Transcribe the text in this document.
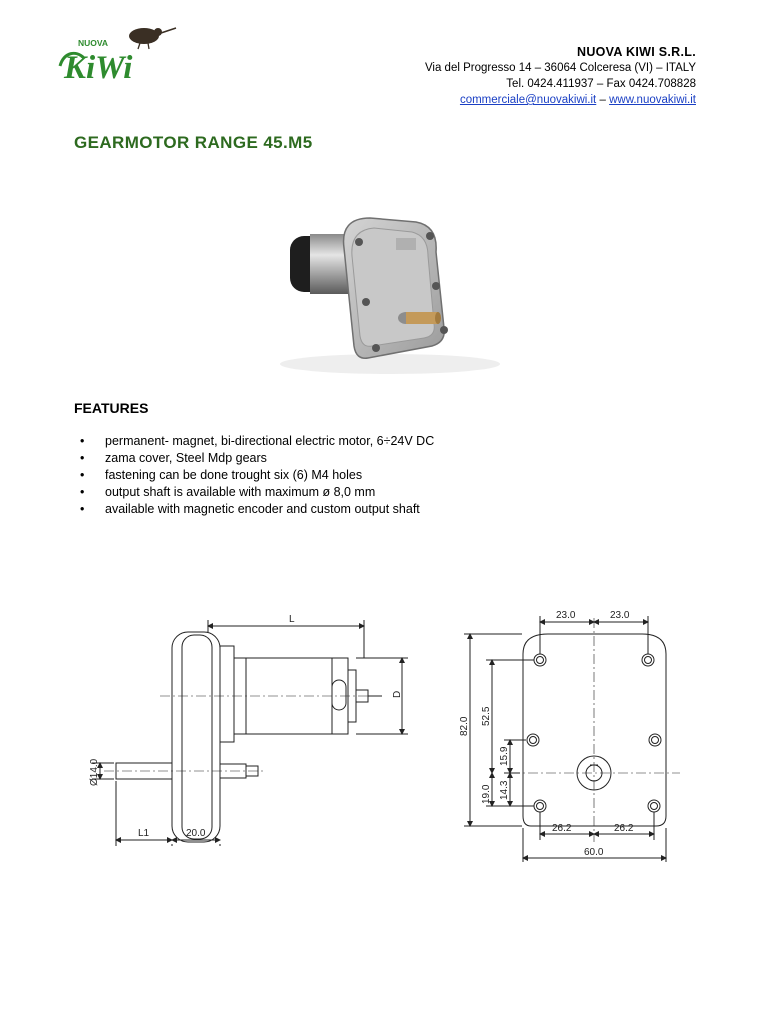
NUOVA
KiWi	NUOVA KIWI S.R.L.
Via del Progresso 14 – 36064 Colceresa (VI) – ITALY
Tel. 0424.411937 – Fax 0424.708828
commerciale@nuovakiwi.it – www.nuovakiwi.it
GEARMOTOR RANGE 45.M5
FEATURES
• permanent- magnet, bi-directional electric motor, 6÷24V DC
• zama cover, Steel Mdp gears
• fastening can be done trought six (6) M4 holes
• output shaft is available with maximum ø 8,0 mm
• available with magnetic encoder and custom output shaft
L
D
Ø14.0
L1	20.0
23.0	23.0
82.0
52.5
15.9
14.3
19.0
26.2	26.2
60.0
